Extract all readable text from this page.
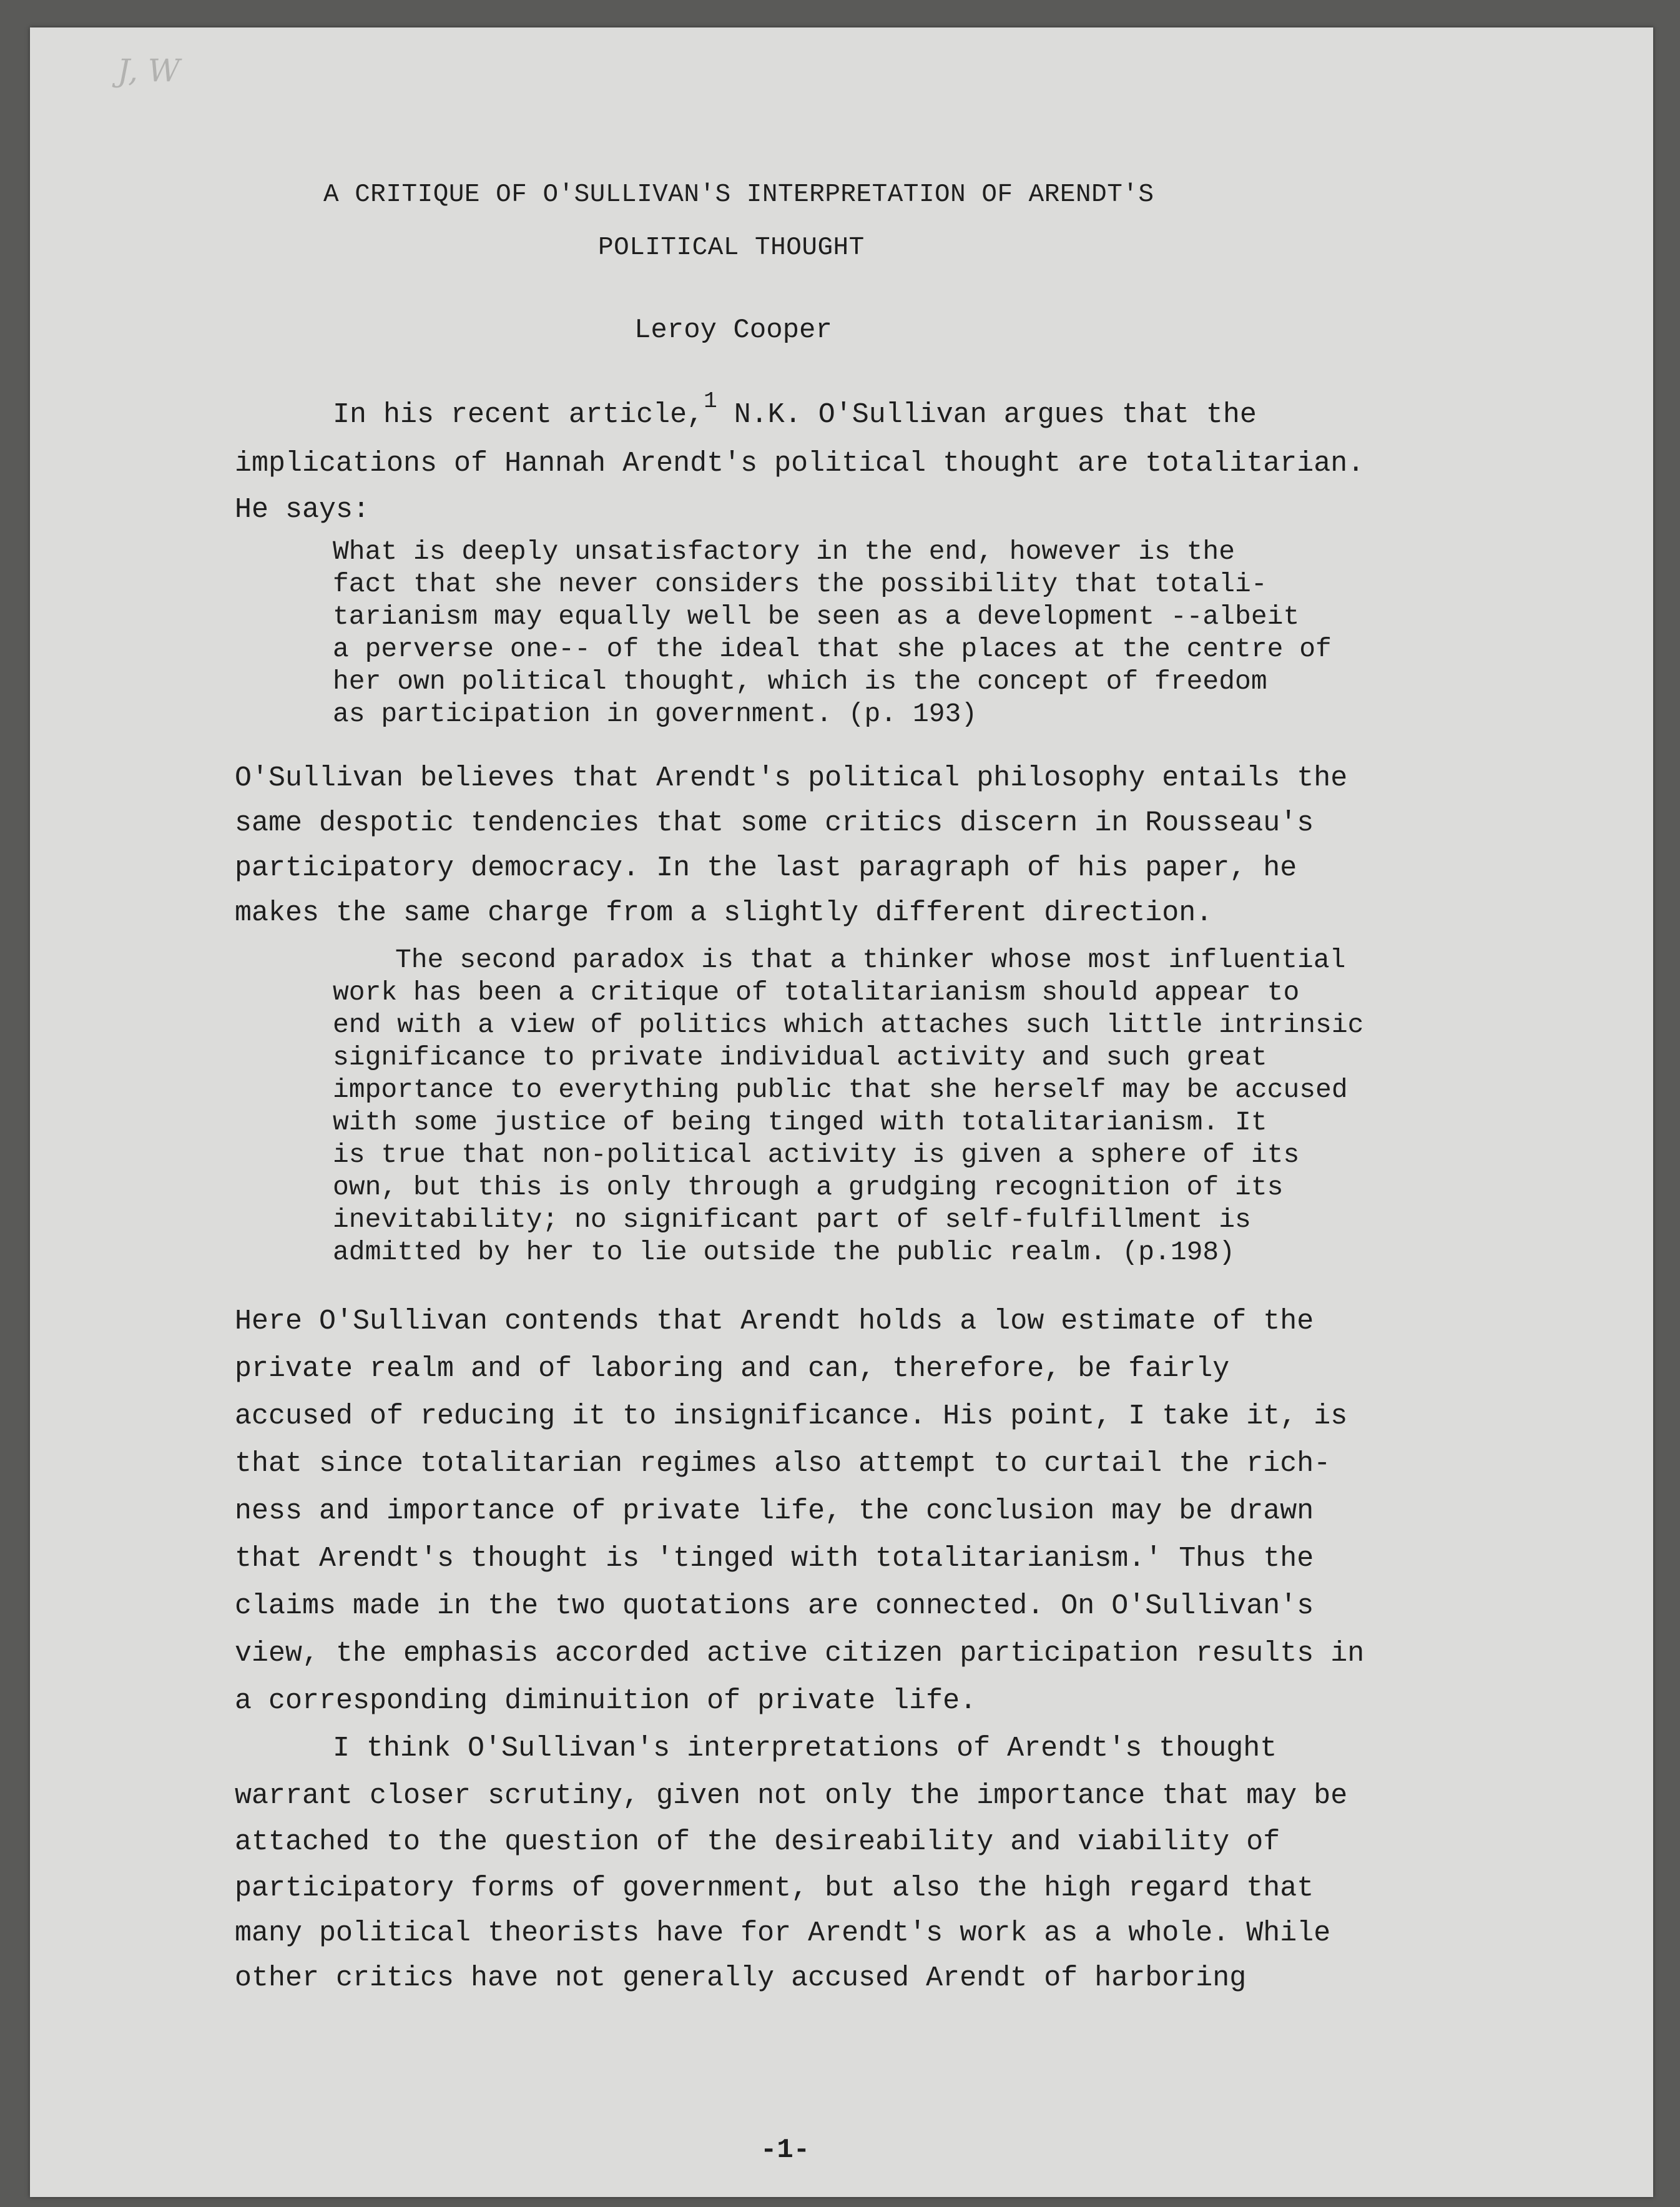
J, W
A CRITIQUE OF O'SULLIVAN'S INTERPRETATION OF ARENDT'S
POLITICAL THOUGHT
Leroy Cooper
In his recent article,$^1$ N.K. O'Sullivan argues that the
implications of Hannah Arendt's political thought are totalitarian.
He says:
What is deeply unsatisfactory in the end, however is the
fact that she never considers the possibility that totali-
tarianism may equally well be seen as a development --albeit
a perverse one-- of the ideal that she places at the centre of
her own political thought, which is the concept of freedom
as participation in government. (p. 193)
O'Sullivan believes that Arendt's political philosophy entails the
same despotic tendencies that some critics discern in Rousseau's
participatory democracy. In the last paragraph of his paper, he
makes the same charge from a slightly different direction.
The second paradox is that a thinker whose most influential
work has been a critique of totalitarianism should appear to
end with a view of politics which attaches such little intrinsic
significance to private individual activity and such great
importance to everything public that she herself may be accused
with some justice of being tinged with totalitarianism. It
is true that non-political activity is given a sphere of its
own, but this is only through a grudging recognition of its
inevitability; no significant part of self-fulfillment is
admitted by her to lie outside the public realm. (p.198)
Here O'Sullivan contends that Arendt holds a low estimate of the
private realm and of laboring and can, therefore, be fairly
accused of reducing it to insignificance. His point, I take it, is
that since totalitarian regimes also attempt to curtail the rich-
ness and importance of private life, the conclusion may be drawn
that Arendt's thought is 'tinged with totalitarianism.' Thus the
claims made in the two quotations are connected. On O'Sullivan's
view, the emphasis accorded active citizen participation results in
a corresponding diminuition of private life.
I think O'Sullivan's interpretations of Arendt's thought
warrant closer scrutiny, given not only the importance that may be
attached to the question of the desireability and viability of
participatory forms of government, but also the high regard that
many political theorists have for Arendt's work as a whole. While
other critics have not generally accused Arendt of harboring
-1-
